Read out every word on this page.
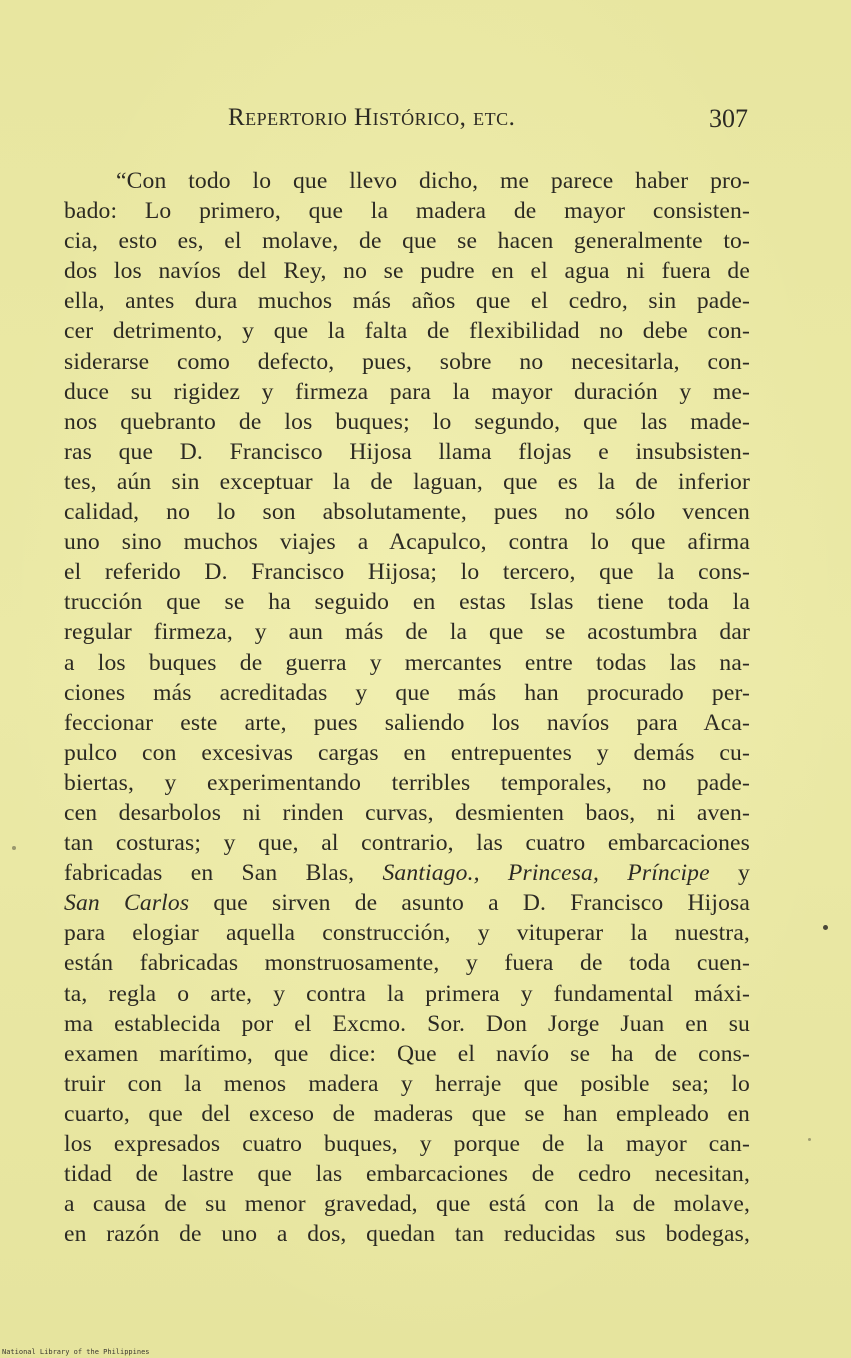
Repertorio Histórico, etc.	307
“Con todo lo que llevo dicho, me parece haber pro-
bado: Lo primero, que la madera de mayor consisten-
cia, esto es, el molave, de que se hacen generalmente to-
dos los navíos del Rey, no se pudre en el agua ni fuera de
ella, antes dura muchos más años que el cedro, sin pade-
cer detrimento, y que la falta de flexibilidad no debe con-
siderarse como defecto, pues, sobre no necesitarla, con-
duce su rigidez y firmeza para la mayor duración y me-
nos quebranto de los buques; lo segundo, que las made-
ras que D. Francisco Hijosa llama flojas e insubsisten-
tes, aún sin exceptuar la de laguan, que es la de inferior
calidad, no lo son absolutamente, pues no sólo vencen
uno sino muchos viajes a Acapulco, contra lo que afirma
el referido D. Francisco Hijosa; lo tercero, que la cons-
trucción que se ha seguido en estas Islas tiene toda la
regular firmeza, y aun más de la que se acostumbra dar
a los buques de guerra y mercantes entre todas las na-
ciones más acreditadas y que más han procurado per-
feccionar este arte, pues saliendo los navíos para Aca-
pulco con excesivas cargas en entrepuentes y demás cu-
biertas, y experimentando terribles temporales, no pade-
cen desarbolos ni rinden curvas, desmienten baos, ni aven-
tan costuras; y que, al contrario, las cuatro embarcaciones
fabricadas en San Blas, Santiago., Princesa, Príncipe y
San Carlos que sirven de asunto a D. Francisco Hijosa
para elogiar aquella construcción, y vituperar la nuestra,
están fabricadas monstruosamente, y fuera de toda cuen-
ta, regla o arte, y contra la primera y fundamental máxi-
ma establecida por el Excmo. Sor. Don Jorge Juan en su
examen marítimo, que dice: Que el navío se ha de cons-
truir con la menos madera y herraje que posible sea; lo
cuarto, que del exceso de maderas que se han empleado en
los expresados cuatro buques, y porque de la mayor can-
tidad de lastre que las embarcaciones de cedro necesitan,
a causa de su menor gravedad, que está con la de molave,
en razón de uno a dos, quedan tan reducidas sus bodegas,
National Library of the Philippines
